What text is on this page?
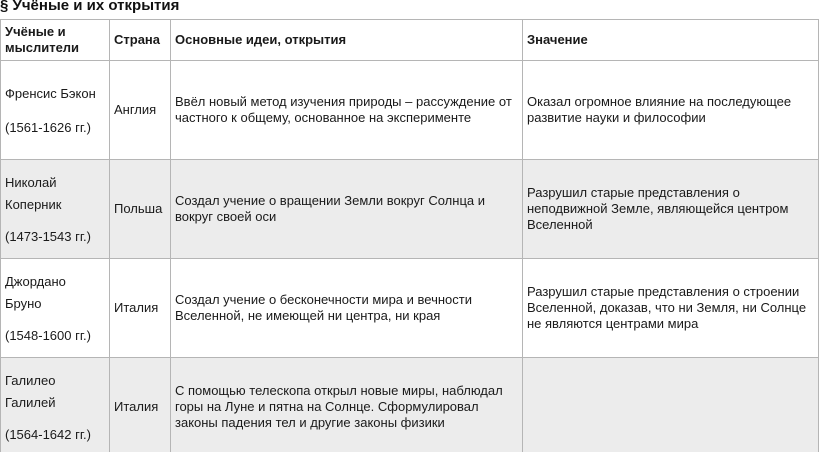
§ Учёные и их открытия
Учёные и мыслители	Страна	Основные идеи, открытия	Значение

Френсис Бэкон
(1561-1626 гг.)	Англия	Ввёл новый метод изучения природы – рассуждение от частного к общему, основанное на эксперименте	Оказал огромное влияние на последующее развитие науки и философии

Николай
Коперник
(1473-1543 гг.)	Польша	Создал учение о вращении Земли вокруг Солнца и вокруг своей оси	Разрушил старые представления о неподвижной Земле, являющейся центром Вселенной

Джордано
Бруно
(1548-1600 гг.)	Италия	Создал учение о бесконечности мира и вечности Вселенной, не имеющей ни центра, ни края	Разрушил старые представления о строении Вселенной, доказав, что ни Земля, ни Солнце не являются центрами мира

Галилео
Галилей
(1564-1642 гг.)	Италия	С помощью телескопа открыл новые миры, наблюдал горы на Луне и пятна на Солнце. Сформулировал законы падения тел и другие законы физики	
